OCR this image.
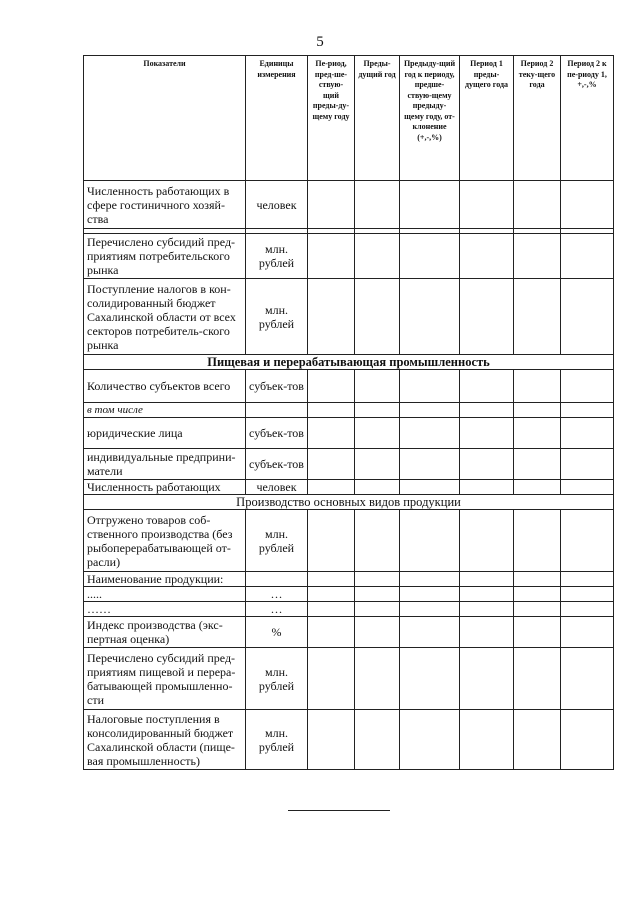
5
Показатели	Единицы измерения	Пе-риод, пред-ше-ствую-щий преды-ду-щему году	Преды-дущий год	Предыду-щий год к периоду, предше-ствую-щему предыду-щему году, от-клонение (+,-,%)	Период 1 преды-дущего года	Период 2 теку-щего года	Период 2 к пе-риоду 1, +,-,%
Численность работающих в сфере гостиничного хозяй-ства	человек						

Перечислено субсидий пред-приятиям потребительского рынка	млн. рублей						
Поступление налогов в кон-солидированный бюджет Сахалинской области от всех секторов потребитель-ского рынка	млн. рублей						
Пищевая и перерабатывающая промышленность							
Количество субъектов всего	субъек-тов						
в том числе							
юридические лица	субъек-тов						
индивидуальные предприни-матели	субъек-тов						
Численность работающих	человек						
Производство основных видов продукции							
Отгружено товаров соб-ственного производства (без рыбоперерабатывающей от-расли)	млн. рублей						
Наименование продукции:							
.....	…						
……	…						
Индекс производства (экс-пертная оценка)	%						
Перечислено субсидий пред-приятиям пищевой и перера-батывающей промышленно-сти	млн. рублей						
Налоговые поступления в консолидированный бюджет Сахалинской области (пище-вая промышленность)	млн. рублей						
